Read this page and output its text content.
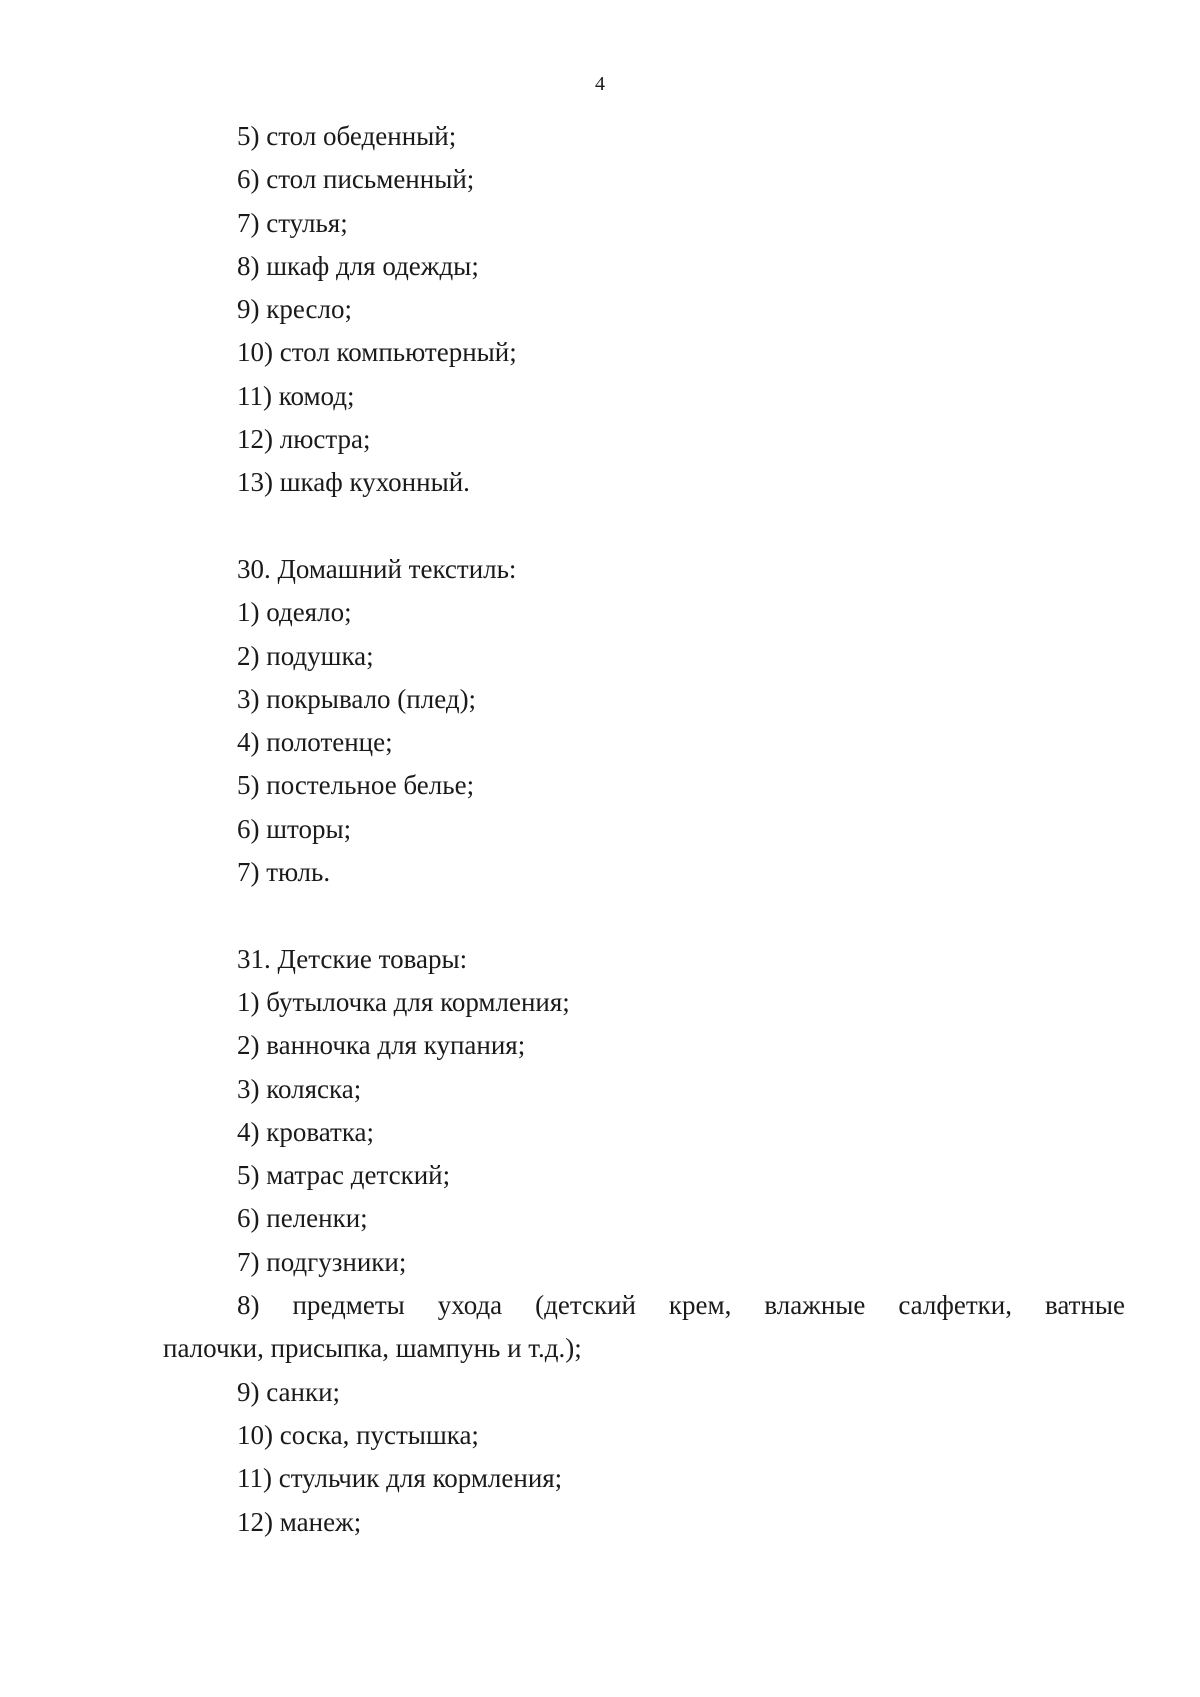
4
5) стол обеденный;
6) стол письменный;
7) стулья;
8) шкаф для одежды;
9) кресло;
10) стол компьютерный;
11) комод;
12) люстра;
13) шкаф кухонный.
30. Домашний текстиль:
1) одеяло;
2) подушка;
3) покрывало (плед);
4) полотенце;
5) постельное белье;
6) шторы;
7) тюль.
31. Детские товары:
1) бутылочка для кормления;
2) ванночка для купания;
3) коляска;
4) кроватка;
5) матрас детский;
6) пеленки;
7) подгузники;
8) предметы ухода (детский крем, влажные салфетки, ватные
палочки, присыпка, шампунь и т.д.);
9) санки;
10) соска, пустышка;
11) стульчик для кормления;
12) манеж;
